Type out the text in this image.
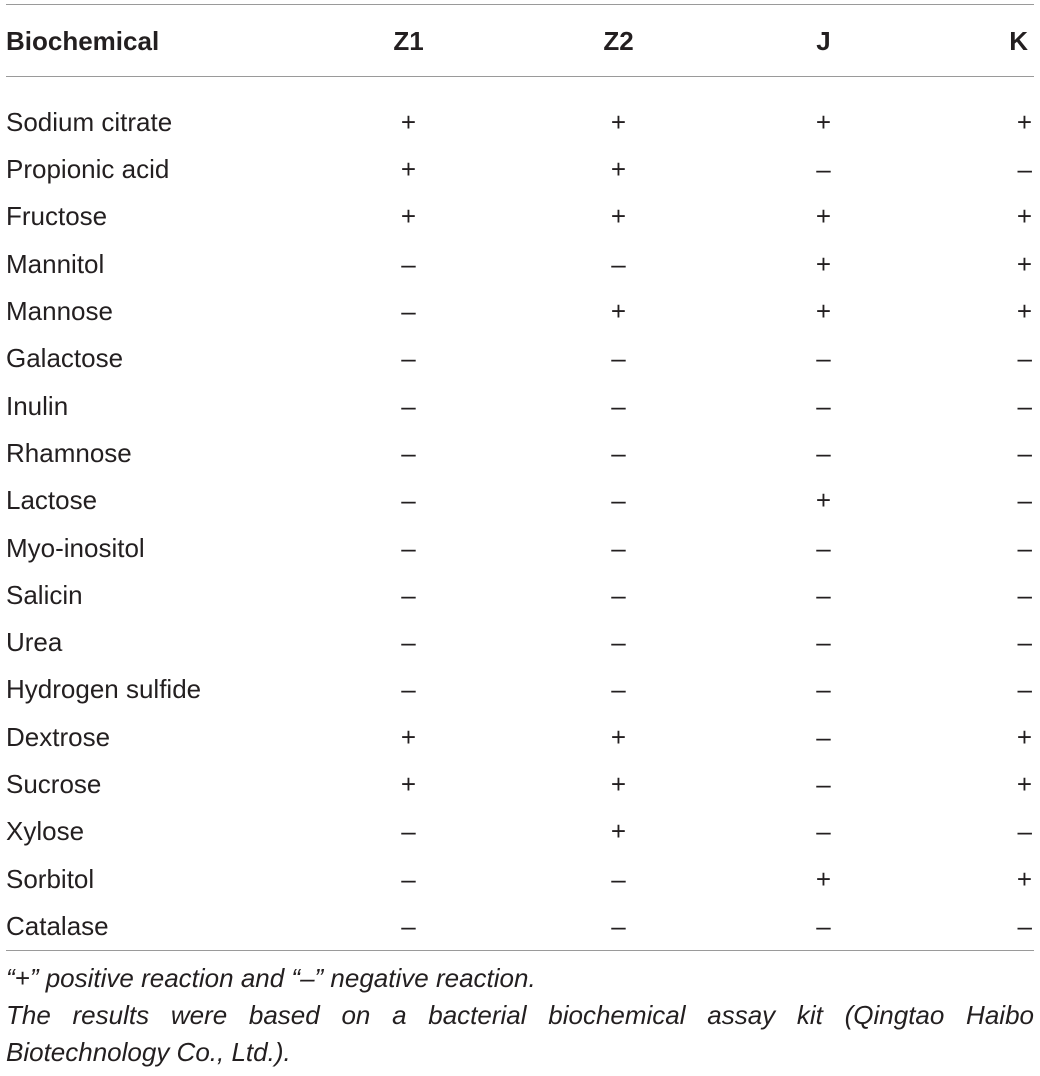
Biochemical	Z1	Z2	J	K
Sodium citrate	+	+	+	+
Propionic acid	+	+	–	–
Fructose	+	+	+	+
Mannitol	–	–	+	+
Mannose	–	+	+	+
Galactose	–	–	–	–
Inulin	–	–	–	–
Rhamnose	–	–	–	–
Lactose	–	–	+	–
Myo-inositol	–	–	–	–
Salicin	–	–	–	–
Urea	–	–	–	–
Hydrogen sulfide	–	–	–	–
Dextrose	+	+	–	+
Sucrose	+	+	–	+
Xylose	–	+	–	–
Sorbitol	–	–	+	+
Catalase	–	–	–	–

“+” positive reaction and “–” negative reaction.

The results were based on a bacterial biochemical assay kit (Qingtao Haibo Biotechnology Co., Ltd.).
